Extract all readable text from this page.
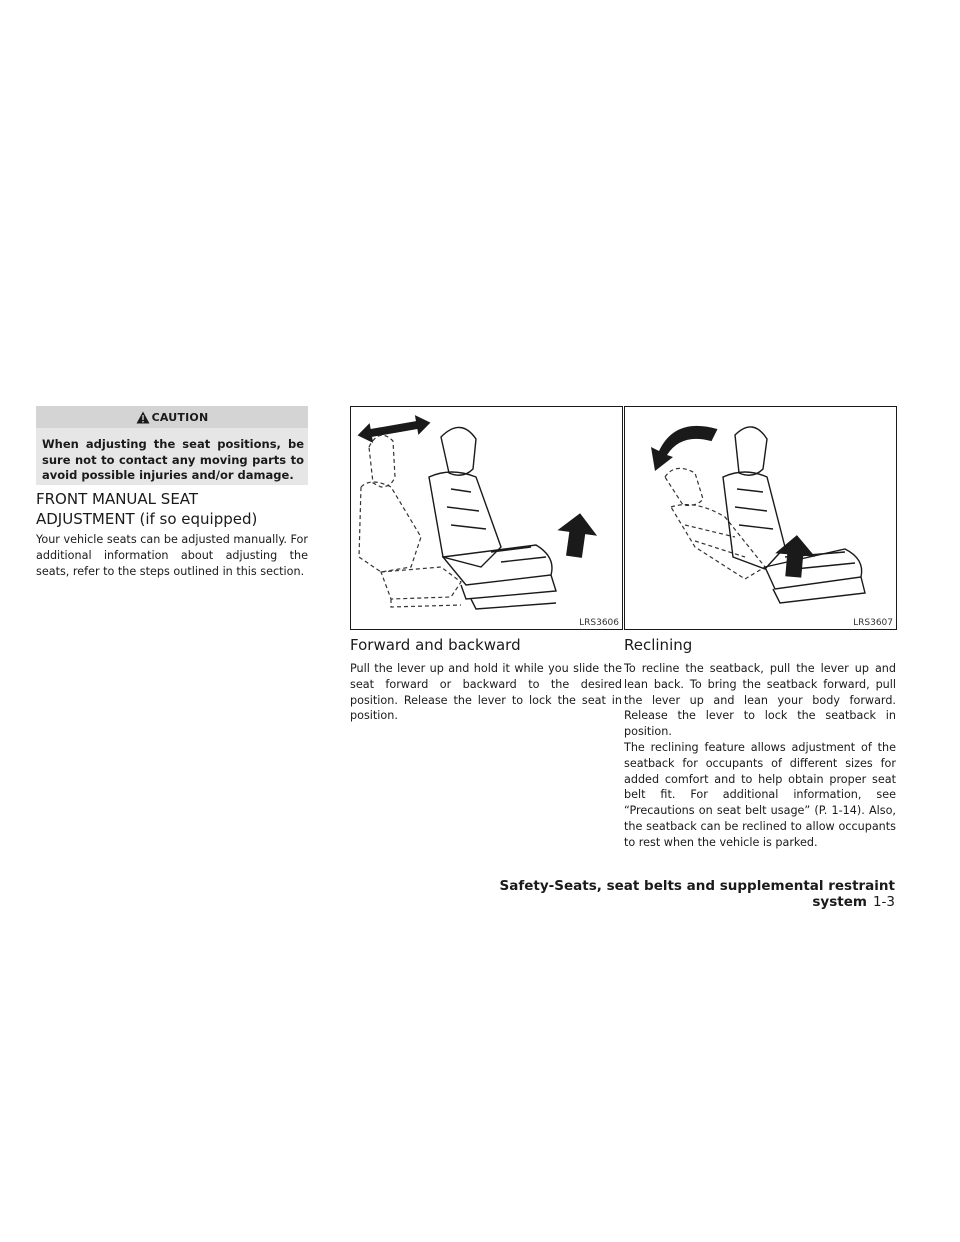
CAUTION
When adjusting the seat positions, be sure not to contact any moving parts to avoid possible injuries and/or damage.
FRONT MANUAL SEAT
ADJUSTMENT (if so equipped)
Your vehicle seats can be adjusted manually. For additional information about adjusting the seats, refer to the steps outlined in this section.
LRS3606	LRS3607
Forward and backward
Pull the lever up and hold it while you slide the seat forward or backward to the desired position. Release the lever to lock the seat in position.
Reclining
To recline the seatback, pull the lever up and lean back. To bring the seatback forward, pull the lever up and lean your body forward. Release the lever to lock the seatback in position.
The reclining feature allows adjustment of the seatback for occupants of different sizes for added comfort and to help obtain proper seat belt fit. For additional information, see “Precautions on seat belt usage” (P. 1-14). Also, the seatback can be reclined to allow occupants to rest when the vehicle is parked.
Safety-Seats, seat belts and supplemental restraint system 1-3
